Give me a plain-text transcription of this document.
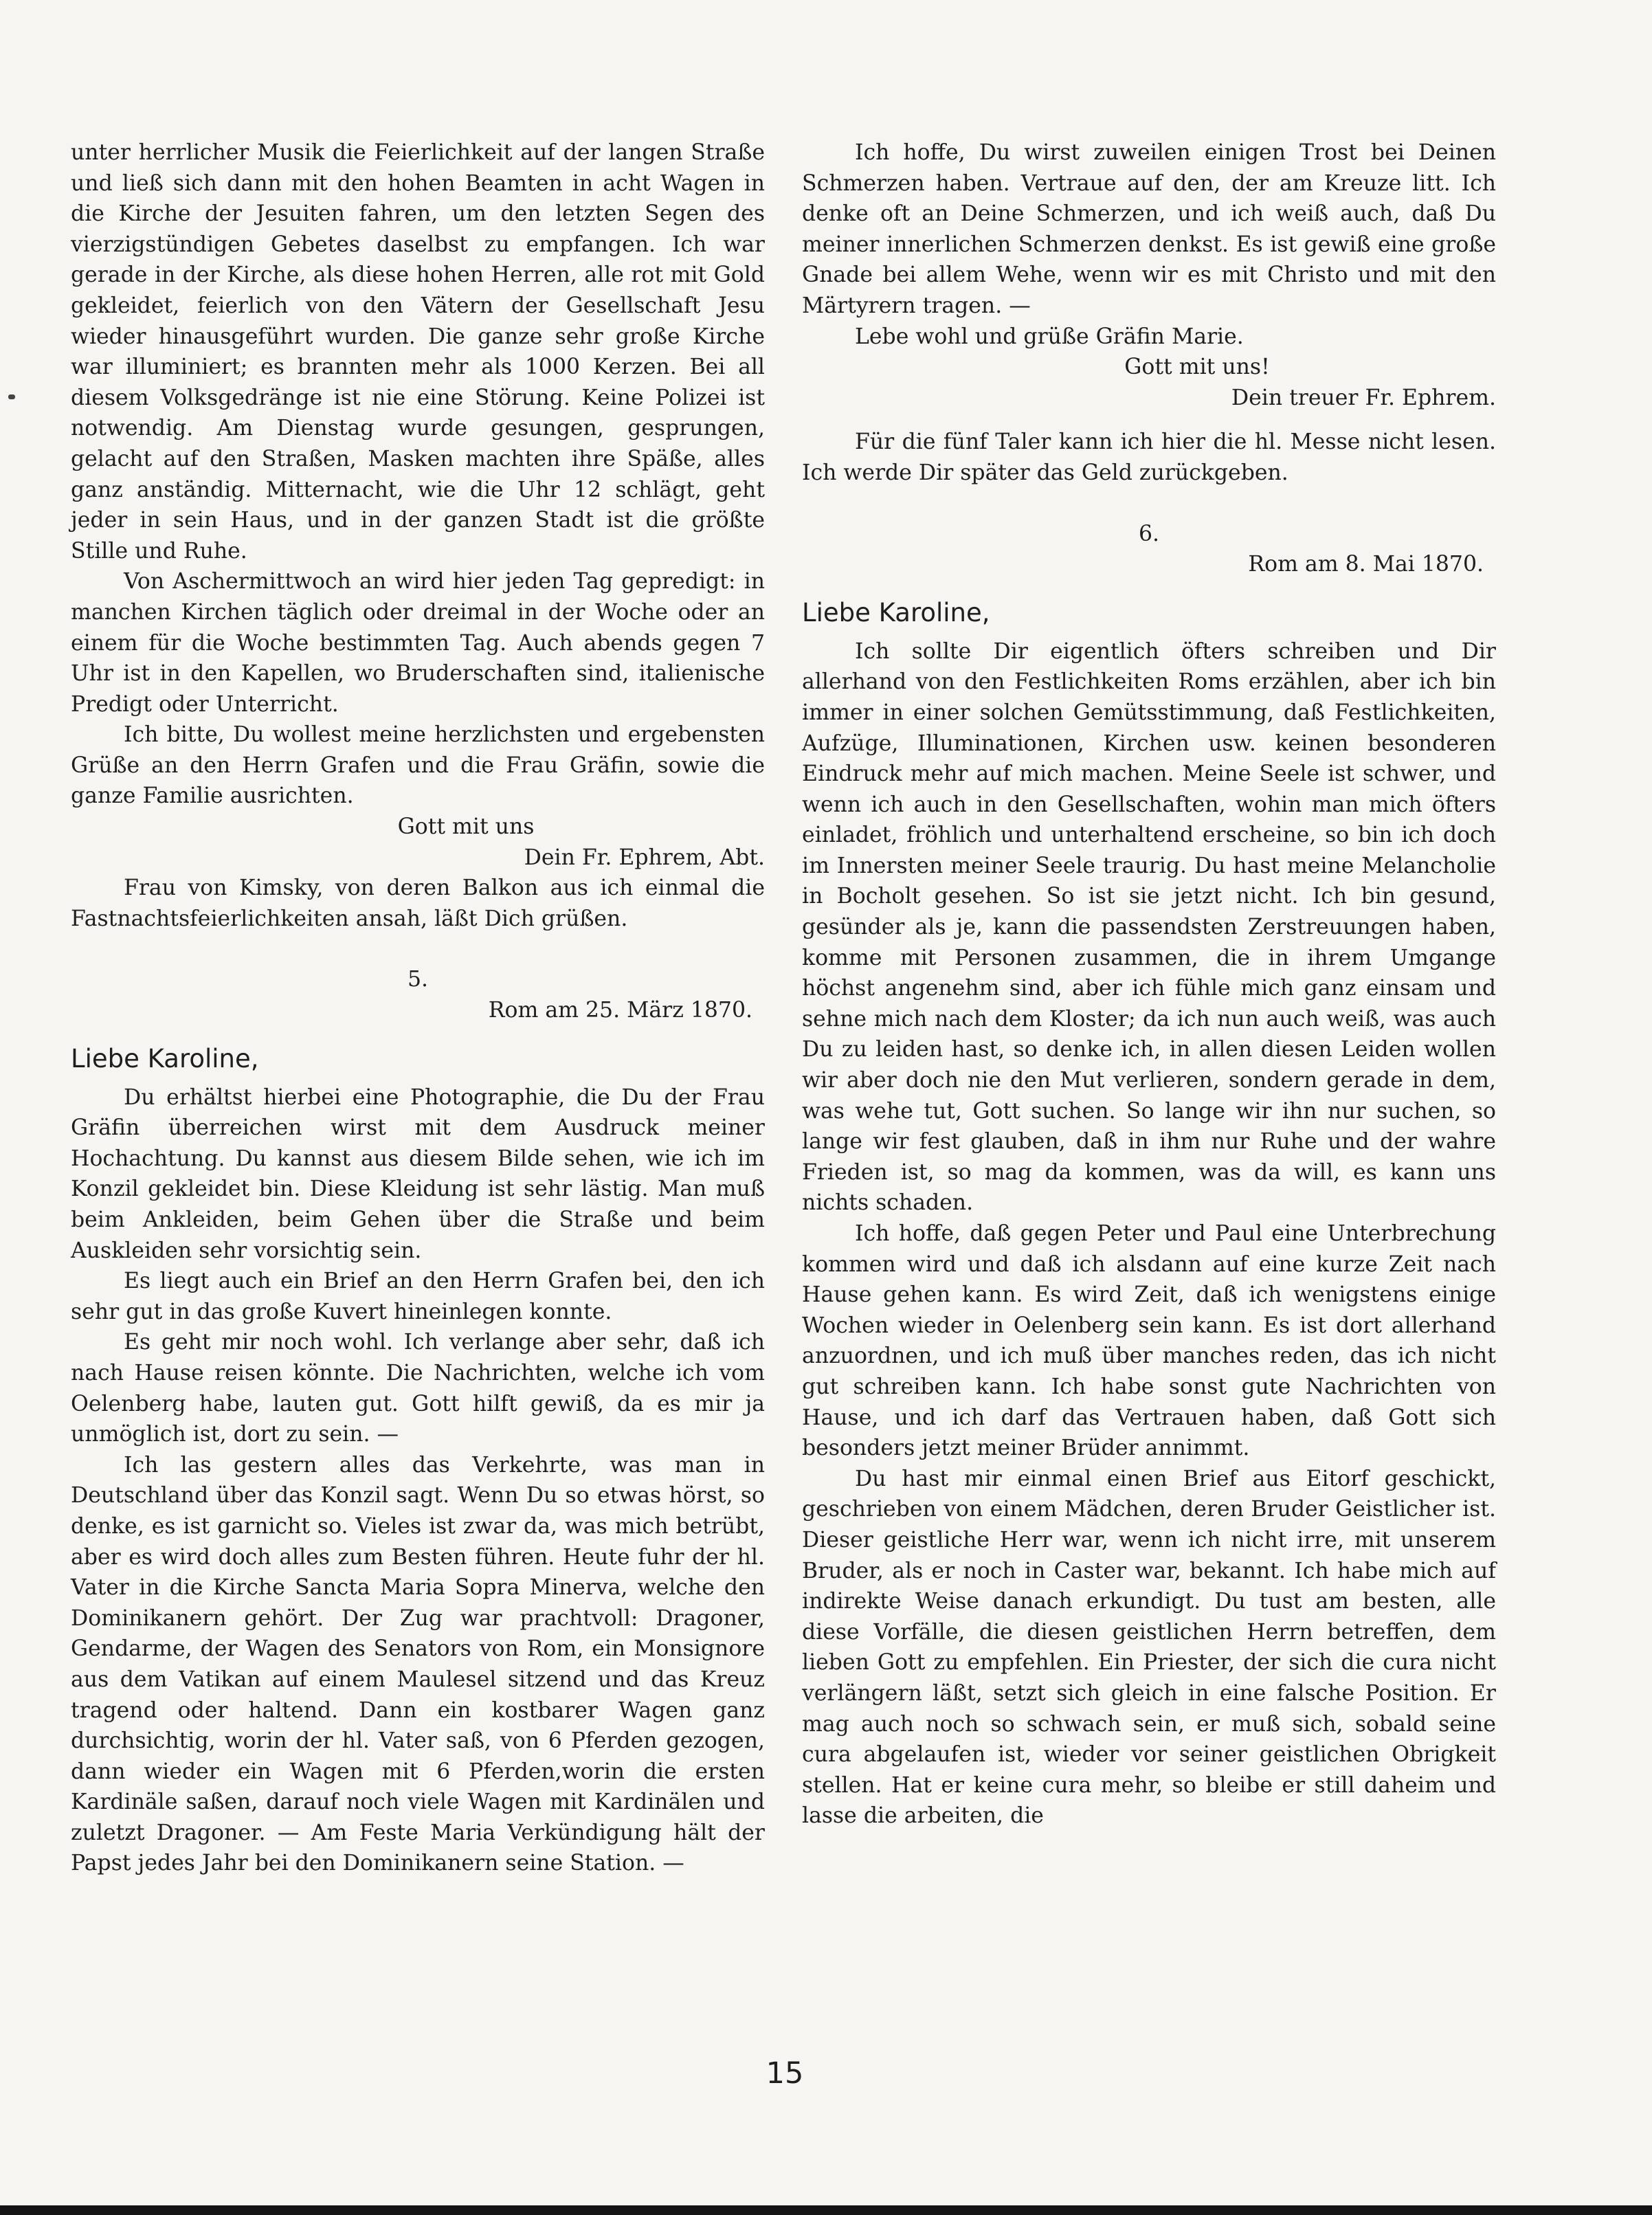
unter herrlicher Musik die Feierlichkeit auf der langen Straße und ließ sich dann mit den hohen Beamten in acht Wagen in die Kirche der Jesuiten fahren, um den letzten Segen des vierzigstündigen Gebetes daselbst zu empfangen. Ich war gerade in der Kirche, als diese hohen Herren, alle rot mit Gold gekleidet, feierlich von den Vätern der Gesellschaft Jesu wieder hinausgeführt wurden. Die ganze sehr große Kirche war illuminiert; es brannten mehr als 1000 Kerzen. Bei all diesem Volksgedränge ist nie eine Störung. Keine Polizei ist notwendig. Am Dienstag wurde gesungen, gesprungen, gelacht auf den Straßen, Masken machten ihre Späße, alles ganz anständig. Mitternacht, wie die Uhr 12 schlägt, geht jeder in sein Haus, und in der ganzen Stadt ist die größte Stille und Ruhe.

Von Aschermittwoch an wird hier jeden Tag gepredigt: in manchen Kirchen täglich oder dreimal in der Woche oder an einem für die Woche bestimmten Tag. Auch abends gegen 7 Uhr ist in den Kapellen, wo Bruderschaften sind, italienische Predigt oder Unterricht.

Ich bitte, Du wollest meine herzlichsten und ergebensten Grüße an den Herrn Grafen und die Frau Gräfin, sowie die ganze Familie ausrichten.

Gott mit uns

Dein Fr. Ephrem, Abt.

Frau von Kimsky, von deren Balkon aus ich einmal die Fastnachtsfeierlichkeiten ansah, läßt Dich grüßen.

5.

Rom am 25. März 1870.

Liebe Karoline,

Du erhältst hierbei eine Photographie, die Du der Frau Gräfin überreichen wirst mit dem Ausdruck meiner Hochachtung. Du kannst aus diesem Bilde sehen, wie ich im Konzil gekleidet bin. Diese Kleidung ist sehr lästig. Man muß beim Ankleiden, beim Gehen über die Straße und beim Auskleiden sehr vorsichtig sein.

Es liegt auch ein Brief an den Herrn Grafen bei, den ich sehr gut in das große Kuvert hineinlegen konnte.

Es geht mir noch wohl. Ich verlange aber sehr, daß ich nach Hause reisen könnte. Die Nachrichten, welche ich vom Oelenberg habe, lauten gut. Gott hilft gewiß, da es mir ja unmöglich ist, dort zu sein. —

Ich las gestern alles das Verkehrte, was man in Deutschland über das Konzil sagt. Wenn Du so etwas hörst, so denke, es ist garnicht so. Vieles ist zwar da, was mich betrübt, aber es wird doch alles zum Besten führen. Heute fuhr der hl. Vater in die Kirche Sancta Maria Sopra Minerva, welche den Dominikanern gehört. Der Zug war prachtvoll: Dragoner, Gendarme, der Wagen des Senators von Rom, ein Monsignore aus dem Vatikan auf einem Maulesel sitzend und das Kreuz tragend oder haltend. Dann ein kostbarer Wagen ganz durchsichtig, worin der hl. Vater saß, von 6 Pferden gezogen, dann wieder ein Wagen mit 6 Pferden,worin die ersten Kardinäle saßen, darauf noch viele Wagen mit Kardinälen und zuletzt Dragoner. — Am Feste Maria Verkündigung hält der Papst jedes Jahr bei den Dominikanern seine Station. —

Ich hoffe, Du wirst zuweilen einigen Trost bei Deinen Schmerzen haben. Vertraue auf den, der am Kreuze litt. Ich denke oft an Deine Schmerzen, und ich weiß auch, daß Du meiner innerlichen Schmerzen denkst. Es ist gewiß eine große Gnade bei allem Wehe, wenn wir es mit Christo und mit den Märtyrern tragen. —

Lebe wohl und grüße Gräfin Marie.

Gott mit uns!

Dein treuer Fr. Ephrem.

Für die fünf Taler kann ich hier die hl. Messe nicht lesen. Ich werde Dir später das Geld zurückgeben.

6.

Rom am 8. Mai 1870.

Liebe Karoline,

Ich sollte Dir eigentlich öfters schreiben und Dir allerhand von den Festlichkeiten Roms erzählen, aber ich bin immer in einer solchen Gemütsstimmung, daß Festlichkeiten, Aufzüge, Illuminationen, Kirchen usw. keinen besonderen Eindruck mehr auf mich machen. Meine Seele ist schwer, und wenn ich auch in den Gesellschaften, wohin man mich öfters einladet, fröhlich und unterhaltend erscheine, so bin ich doch im Innersten meiner Seele traurig. Du hast meine Melancholie in Bocholt gesehen. So ist sie jetzt nicht. Ich bin gesund, gesünder als je, kann die passendsten Zerstreuungen haben, komme mit Personen zusammen, die in ihrem Umgange höchst angenehm sind, aber ich fühle mich ganz einsam und sehne mich nach dem Kloster; da ich nun auch weiß, was auch Du zu leiden hast, so denke ich, in allen diesen Leiden wollen wir aber doch nie den Mut verlieren, sondern gerade in dem, was wehe tut, Gott suchen. So lange wir ihn nur suchen, so lange wir fest glauben, daß in ihm nur Ruhe und der wahre Frieden ist, so mag da kommen, was da will, es kann uns nichts schaden.

Ich hoffe, daß gegen Peter und Paul eine Unterbrechung kommen wird und daß ich alsdann auf eine kurze Zeit nach Hause gehen kann. Es wird Zeit, daß ich wenigstens einige Wochen wieder in Oelenberg sein kann. Es ist dort allerhand anzuordnen, und ich muß über manches reden, das ich nicht gut schreiben kann. Ich habe sonst gute Nachrichten von Hause, und ich darf das Vertrauen haben, daß Gott sich besonders jetzt meiner Brüder annimmt.

Du hast mir einmal einen Brief aus Eitorf geschickt, geschrieben von einem Mädchen, deren Bruder Geistlicher ist. Dieser geistliche Herr war, wenn ich nicht irre, mit unserem Bruder, als er noch in Caster war, bekannt. Ich habe mich auf indirekte Weise danach erkundigt. Du tust am besten, alle diese Vorfälle, die diesen geistlichen Herrn betreffen, dem lieben Gott zu empfehlen. Ein Priester, der sich die cura nicht verlängern läßt, setzt sich gleich in eine falsche Position. Er mag auch noch so schwach sein, er muß sich, sobald seine cura abgelaufen ist, wieder vor seiner geistlichen Obrigkeit stellen. Hat er keine cura mehr, so bleibe er still daheim und lasse die arbeiten, die

15
